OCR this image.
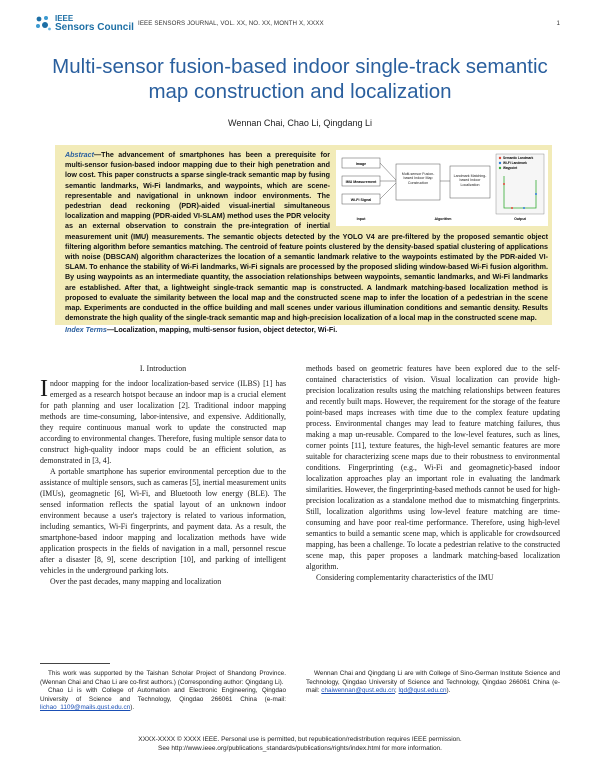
IEEE
Sensors Council IEEE SENSORS JOURNAL, VOL. XX, NO. XX, MONTH X, XXXX	1
Multi-sensor fusion-based indoor single-track semantic map construction and localization
Wennan Chai, Chao Li, Qingdang Li
Image
IMU Measurement
Wi-Fi Signal
Multi-sensor Fusion-based Indoor Map Construction
Landmark Matching-based Indoor Localization
Semantic Landmark
Wi-Fi Landmark
Waypoint
Input	Algorithm	Output
Abstract—The advancement of smartphones has been a prerequisite for multi-sensor fusion-based indoor mapping due to their high penetration and low cost. This paper constructs a sparse single-track semantic map by fusing semantic landmarks, Wi-Fi landmarks, and waypoints, which are scene-representable and navigational in unknown indoor environments. The pedestrian dead reckoning (PDR)-aided visual-inertial simultaneous localization and mapping (PDR-aided VI-SLAM) method uses the PDR velocity as an external observation to constrain the pre-integration of inertial measurement unit (IMU) measurements. The semantic objects detected by the YOLO V4 are pre-filtered by the proposed semantic object filtering algorithm before semantics matching. The centroid of feature points clustered by the density-based spatial clustering of applications with noise (DBSCAN) algorithm characterizes the location of a semantic landmark relative to the waypoints estimated by the PDR-aided VI-SLAM. To enhance the stability of Wi-Fi landmarks, Wi-Fi signals are processed by the proposed sliding window-based Wi-Fi fusion algorithm. By using waypoints as an intermediate quantity, the association relationships between waypoints, semantic landmarks, and Wi-Fi landmarks are established. After that, a lightweight single-track semantic map is constructed. A landmark matching-based localization method is proposed to evaluate the similarity between the local map and the constructed scene map to infer the location of a pedestrian in the scene map. Experiments are conducted in the office building and mall scenes under various illumination conditions and semantic density. Results demonstrate the high quality of the single-track semantic map and high-precision localization of a local map in the constructed scene map.
Index Terms—Localization, mapping, multi-sensor fusion, object detector, Wi-Fi.

I. Introduction

Indoor mapping for the indoor localization-based service (ILBS) [1] has emerged as a research hotspot because an indoor map is a crucial element for path planning and user localization [2]. Traditional indoor mapping methods are time-consuming, labor-intensive, and expensive. Additionally, they require continuous manual work to update the constructed map according to environmental changes. Therefore, fusing multiple sensor data to construct high-quality indoor maps could be an efficient solution, as demonstrated in [3, 4].

A portable smartphone has superior environmental perception due to the assistance of multiple sensors, such as cameras [5], inertial measurement units (IMUs), geomagnetic [6], Wi-Fi, and Bluetooth low energy (BLE). The sensed information reflects the spatial layout of an unknown indoor environment because a user's trajectory is related to various information, including semantics, Wi-Fi fingerprints, and payment data. As a result, the smartphone-based indoor mapping and localization methods have wide application prospects in the fields of navigation in a mall, personnel rescue after a disaster [8, 9], scene description [10], and parking of intelligent vehicles in the underground parking lots.

Over the past decades, many mapping and localization

methods based on geometric features have been explored due to the self-contained characteristics of vision. Visual localization can provide high-precision localization results using the matching relationships between features and recently built maps. However, the requirement for the storage of the feature point-based maps increases with time due to the complex feature updating process. Environmental changes may lead to feature matching failures, thus making a map un-reusable. Compared to the low-level features, such as lines, corner points [11], texture features, the high-level semantic features are more suitable for characterizing scene maps due to their robustness to environmental conditions. Fingerprinting (e.g., Wi-Fi and geomagnetic)-based indoor localization approaches play an important role in evaluating the landmark similarities. However, the fingerprinting-based methods cannot be used for high-precision localization as a standalone method due to mismatching fingerprints. Still, localization algorithms using low-level feature matching are time-consuming and have poor real-time performance. Therefore, using high-level semantics to build a semantic scene map, which is applicable for crowdsourced mapping, has been a challenge. To locate a pedestrian relative to the constructed scene map, this paper proposes a landmark matching-based localization algorithm.

Considering complementarity characteristics of the IMU

This work was supported by the Taishan Scholar Project of Shandong Province. (Wennan Chai and Chao Li are co-first authors.) (Corresponding author: Qingdang Li).

Chao Li is with College of Automation and Electronic Engineering, Qingdao University of Science and Technology, Qingdao 266061 China (e-mail: lichao_1109@mails.qust.edu.cn).

Wennan Chai and Qingdang Li are with College of Sino-German Institute Science and Technology, Qingdao University of Science and Technology, Qingdao 266061 China (e-mail: chaiwennan@qust.edu.cn; lqd@qust.edu.cn).

XXXX-XXXX © XXXX IEEE. Personal use is permitted, but republication/redistribution requires IEEE permission.
See http://www.ieee.org/publications_standards/publications/rights/index.html for more information.
